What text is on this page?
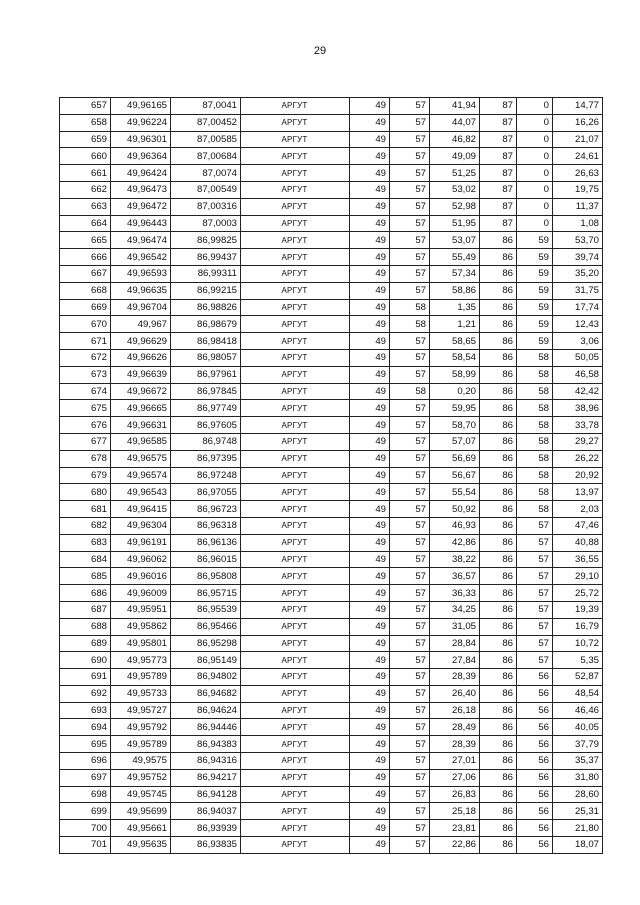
29
657	49,96165	87,0041	АРГУТ	49	57	41,94	87	0	14,77
658	49,96224	87,00452	АРГУТ	49	57	44,07	87	0	16,26
659	49,96301	87,00585	АРГУТ	49	57	46,82	87	0	21,07
660	49,96364	87,00684	АРГУТ	49	57	49,09	87	0	24,61
661	49,96424	87,0074	АРГУТ	49	57	51,25	87	0	26,63
662	49,96473	87,00549	АРГУТ	49	57	53,02	87	0	19,75
663	49,96472	87,00316	АРГУТ	49	57	52,98	87	0	11,37
664	49,96443	87,0003	АРГУТ	49	57	51,95	87	0	1,08
665	49,96474	86,99825	АРГУТ	49	57	53,07	86	59	53,70
666	49,96542	86,99437	АРГУТ	49	57	55,49	86	59	39,74
667	49,96593	86,99311	АРГУТ	49	57	57,34	86	59	35,20
668	49,96635	86,99215	АРГУТ	49	57	58,86	86	59	31,75
669	49,96704	86,98826	АРГУТ	49	58	1,35	86	59	17,74
670	49,967	86,98679	АРГУТ	49	58	1,21	86	59	12,43
671	49,96629	86,98418	АРГУТ	49	57	58,65	86	59	3,06
672	49,96626	86,98057	АРГУТ	49	57	58,54	86	58	50,05
673	49,96639	86,97961	АРГУТ	49	57	58,99	86	58	46,58
674	49,96672	86,97845	АРГУТ	49	58	0,20	86	58	42,42
675	49,96665	86,97749	АРГУТ	49	57	59,95	86	58	38,96
676	49,96631	86,97605	АРГУТ	49	57	58,70	86	58	33,78
677	49,96585	86,9748	АРГУТ	49	57	57,07	86	58	29,27
678	49,96575	86,97395	АРГУТ	49	57	56,69	86	58	26,22
679	49,96574	86,97248	АРГУТ	49	57	56,67	86	58	20,92
680	49,96543	86,97055	АРГУТ	49	57	55,54	86	58	13,97
681	49,96415	86,96723	АРГУТ	49	57	50,92	86	58	2,03
682	49,96304	86,96318	АРГУТ	49	57	46,93	86	57	47,46
683	49,96191	86,96136	АРГУТ	49	57	42,86	86	57	40,88
684	49,96062	86,96015	АРГУТ	49	57	38,22	86	57	36,55
685	49,96016	86,95808	АРГУТ	49	57	36,57	86	57	29,10
686	49,96009	86,95715	АРГУТ	49	57	36,33	86	57	25,72
687	49,95951	86,95539	АРГУТ	49	57	34,25	86	57	19,39
688	49,95862	86,95466	АРГУТ	49	57	31,05	86	57	16,79
689	49,95801	86,95298	АРГУТ	49	57	28,84	86	57	10,72
690	49,95773	86,95149	АРГУТ	49	57	27,84	86	57	5,35
691	49,95789	86,94802	АРГУТ	49	57	28,39	86	56	52,87
692	49,95733	86,94682	АРГУТ	49	57	26,40	86	56	48,54
693	49,95727	86,94624	АРГУТ	49	57	26,18	86	56	46,46
694	49,95792	86,94446	АРГУТ	49	57	28,49	86	56	40,05
695	49,95789	86,94383	АРГУТ	49	57	28,39	86	56	37,79
696	49,9575	86,94316	АРГУТ	49	57	27,01	86	56	35,37
697	49,95752	86,94217	АРГУТ	49	57	27,06	86	56	31,80
698	49,95745	86,94128	АРГУТ	49	57	26,83	86	56	28,60
699	49,95699	86,94037	АРГУТ	49	57	25,18	86	56	25,31
700	49,95661	86,93939	АРГУТ	49	57	23,81	86	56	21,80
701	49,95635	86,93835	АРГУТ	49	57	22,86	86	56	18,07
